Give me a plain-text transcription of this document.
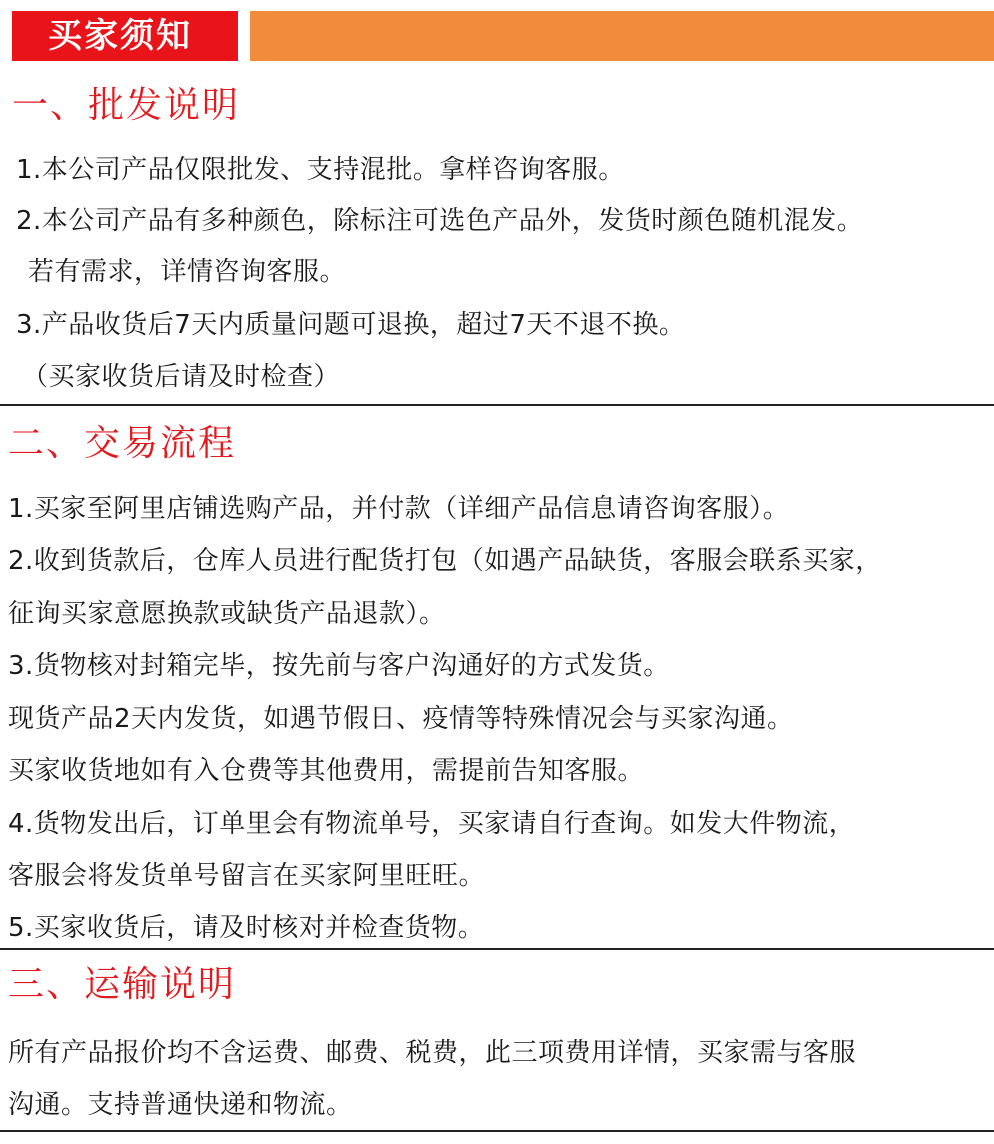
买家须知
一、批发说明
1.本公司产品仅限批发、支持混批。拿样咨询客服。
2.本公司产品有多种颜色，除标注可选色产品外，发货时颜色随机混发。
若有需求，详情咨询客服。
3.产品收货后7天内质量问题可退换，超过7天不退不换。
（买家收货后请及时检查）
二、交易流程
1.买家至阿里店铺选购产品，并付款（详细产品信息请咨询客服）。
2.收到货款后，仓库人员进行配货打包（如遇产品缺货，客服会联系买家，
征询买家意愿换款或缺货产品退款）。
3.货物核对封箱完毕，按先前与客户沟通好的方式发货。
现货产品2天内发货，如遇节假日、疫情等特殊情况会与买家沟通。
买家收货地如有入仓费等其他费用，需提前告知客服。
4.货物发出后，订单里会有物流单号，买家请自行查询。如发大件物流，
客服会将发货单号留言在买家阿里旺旺。
5.买家收货后，请及时核对并检查货物。
三、运输说明
所有产品报价均不含运费、邮费、税费，此三项费用详情，买家需与客服
沟通。支持普通快递和物流。
